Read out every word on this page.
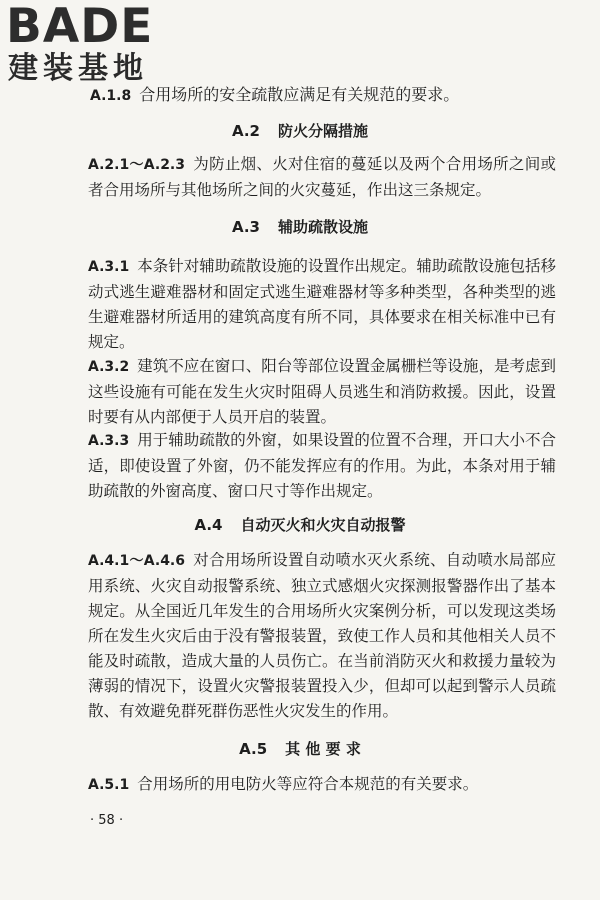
BADE
建装基地
A.1.8 合用场所的安全疏散应满足有关规范的要求。
A.2 防火分隔措施
A.2.1～A.2.3 为防止烟、火对住宿的蔓延以及两个合用场所之间或者合用场所与其他场所之间的火灾蔓延，作出这三条规定。
A.3 辅助疏散设施
A.3.1 本条针对辅助疏散设施的设置作出规定。辅助疏散设施包括移动式逃生避难器材和固定式逃生避难器材等多种类型，各种类型的逃生避难器材所适用的建筑高度有所不同，具体要求在相关标准中已有规定。
A.3.2 建筑不应在窗口、阳台等部位设置金属栅栏等设施，是考虑到这些设施有可能在发生火灾时阻碍人员逃生和消防救援。因此，设置时要有从内部便于人员开启的装置。
A.3.3 用于辅助疏散的外窗，如果设置的位置不合理，开口大小不合适，即使设置了外窗，仍不能发挥应有的作用。为此，本条对用于辅助疏散的外窗高度、窗口尺寸等作出规定。
A.4 自动灭火和火灾自动报警
A.4.1～A.4.6 对合用场所设置自动喷水灭火系统、自动喷水局部应用系统、火灾自动报警系统、独立式感烟火灾探测报警器作出了基本规定。从全国近几年发生的合用场所火灾案例分析，可以发现这类场所在发生火灾后由于没有警报装置，致使工作人员和其他相关人员不能及时疏散，造成大量的人员伤亡。在当前消防灭火和救援力量较为薄弱的情况下，设置火灾警报装置投入少，但却可以起到警示人员疏散、有效避免群死群伤恶性火灾发生的作用。
A.5 其 他 要 求
A.5.1 合用场所的用电防火等应符合本规范的有关要求。
· 58 ·
